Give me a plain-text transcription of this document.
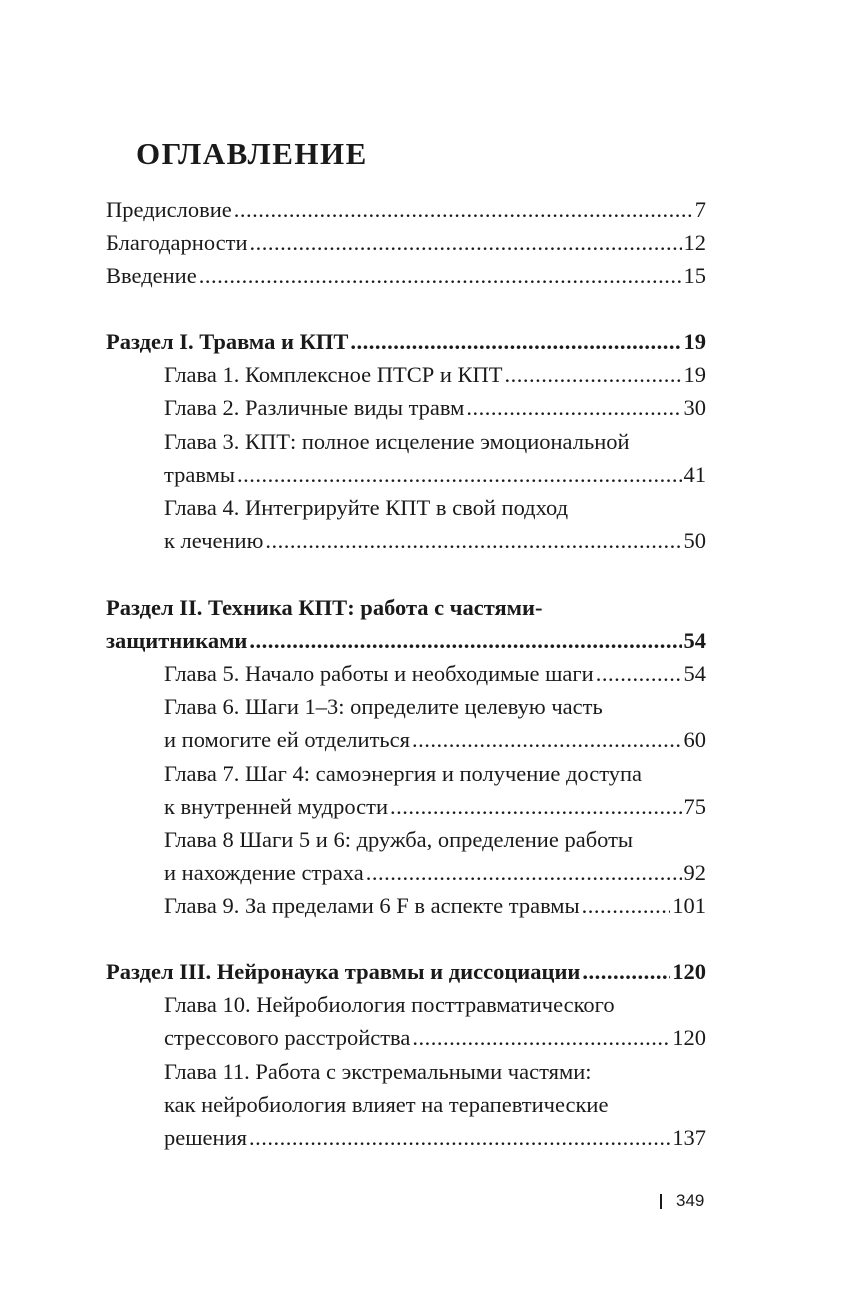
ОГЛАВЛЕНИЕ
Предисловие .....	7
Благодарности .....	12
Введение .....	15
Раздел I. Травма и КПТ .....	19
Глава 1. Комплексное ПТСР и КПТ .....	19
Глава 2. Различные виды травм .....	30
Глава 3. КПТ: полное исцеление эмоциональной
травмы .....	41
Глава 4. Интегрируйте КПТ в свой подход
к лечению .....	50
Раздел II. Техника КПТ: работа с частями-
защитниками .....	54
Глава 5. Начало работы и необходимые шаги .....	54
Глава 6. Шаги 1–3: определите целевую часть
и помогите ей отделиться .....	60
Глава 7. Шаг 4: самоэнергия и получение доступа
к внутренней мудрости .....	75
Глава 8 Шаги 5 и 6: дружба, определение работы
и нахождение страха .....	92
Глава 9. За пределами 6 F в аспекте травмы .....	101
Раздел III. Нейронаука травмы и диссоциации .....	120
Глава 10. Нейробиология посттравматического
стрессового расстройства .....	120
Глава 11. Работа с экстремальными частями:
как нейробиология влияет на терапевтические
решения .....	137
349
